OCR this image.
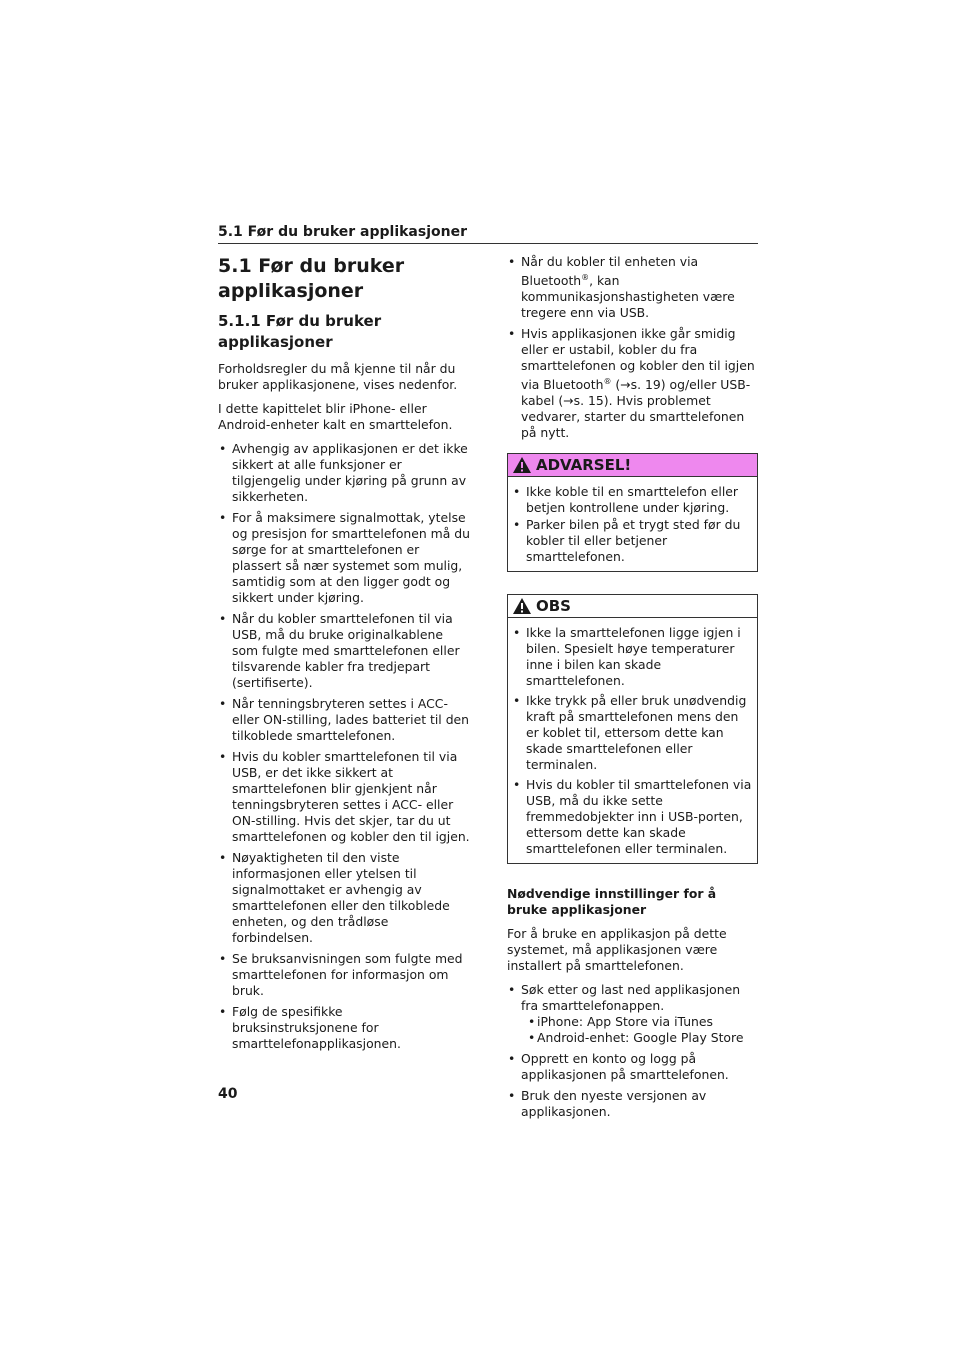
5.1 Før du bruker applikasjoner
5.1 Før du bruker
applikasjoner
5.1.1 Før du bruker applikasjoner

Forholdsregler du må kjenne til når du bruker applikasjonene, vises nedenfor.

I dette kapittelet blir iPhone- eller Android-enheter kalt en smarttelefon.

• Avhengig av applikasjonen er det ikke sikkert at alle funksjoner er tilgjengelig under kjøring på grunn av sikkerheten.
• For å maksimere signalmottak, ytelse og presisjon for smarttelefonen må du sørge for at smarttelefonen er plassert så nær systemet som mulig, samtidig som at den ligger godt og sikkert under kjøring.
• Når du kobler smarttelefonen til via USB, må du bruke originalkablene som fulgte med smarttelefonen eller tilsvarende kabler fra tredjepart (sertifiserte).
• Når tenningsbryteren settes i ACC- eller ON-stilling, lades batteriet til den tilkoblede smarttelefonen.
• Hvis du kobler smarttelefonen til via USB, er det ikke sikkert at smarttelefonen blir gjenkjent når tenningsbryteren settes i ACC- eller ON-stilling. Hvis det skjer, tar du ut smarttelefonen og kobler den til igjen.
• Nøyaktigheten til den viste informasjonen eller ytelsen til signalmottaket er avhengig av smarttelefonen eller den tilkoblede enheten, og den trådløse forbindelsen.
• Se bruksanvisningen som fulgte med smarttelefonen for informasjon om bruk.
• Følg de spesifikke bruksinstruksjonene for smarttelefonapplikasjonen.
• Når du kobler til enheten via Bluetooth®, kan kommunikasjonshastigheten være tregere enn via USB.
• Hvis applikasjonen ikke går smidig eller er ustabil, kobler du fra smarttelefonen og kobler den til igjen via Bluetooth® (→s. 19) og/eller USB-kabel (→s. 15). Hvis problemet vedvarer, starter du smarttelefonen på nytt.
ADVARSEL!
• Ikke koble til en smarttelefon eller betjen kontrollene under kjøring.
• Parker bilen på et trygt sted før du kobler til eller betjener smarttelefonen.
OBS
• Ikke la smarttelefonen ligge igjen i bilen. Spesielt høye temperaturer inne i bilen kan skade smarttelefonen.
• Ikke trykk på eller bruk unødvendig kraft på smarttelefonen mens den er koblet til, ettersom dette kan skade smarttelefonen eller terminalen.
• Hvis du kobler til smarttelefonen via USB, må du ikke sette fremmedobjekter inn i USB-porten, ettersom dette kan skade smarttelefonen eller terminalen.

Nødvendige innstillinger for å bruke applikasjoner

For å bruke en applikasjon på dette systemet, må applikasjonen være installert på smarttelefonen.

• Søk etter og last ned applikasjonen fra smarttelefonappen.
• iPhone: App Store via iTunes
• Android-enhet: Google Play Store
• Opprett en konto og logg på applikasjonen på smarttelefonen.
• Bruk den nyeste versjonen av applikasjonen.
40
